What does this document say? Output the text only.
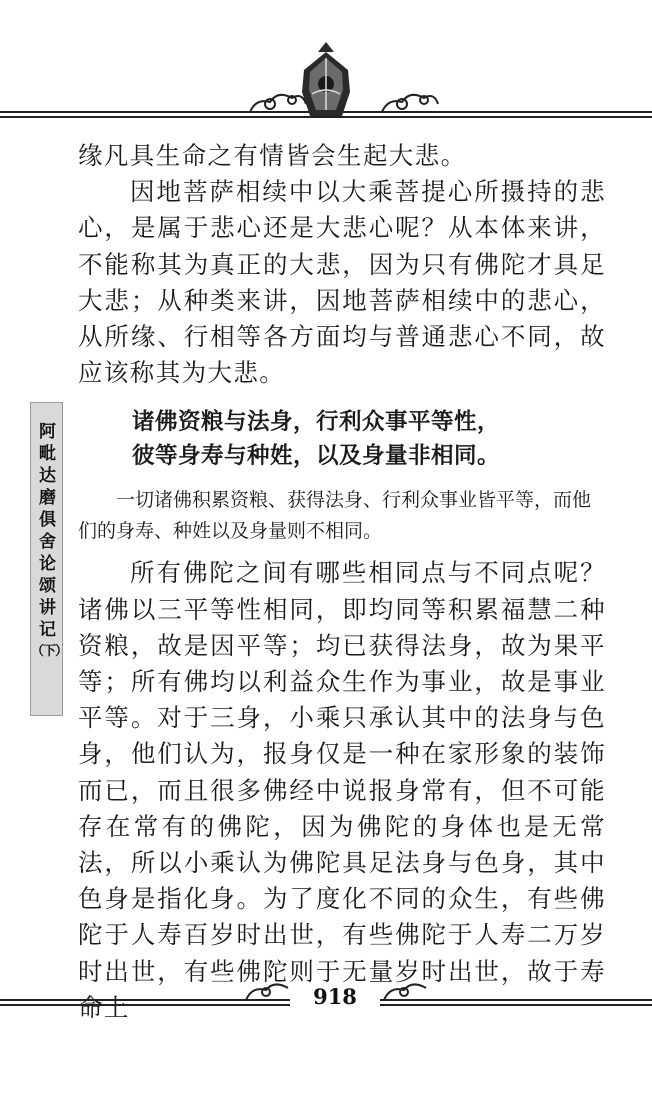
阿
毗
达
磨
俱
舍
论
颂
讲
记
（下）

缘凡具生命之有情皆会生起大悲。

因地菩萨相续中以大乘菩提心所摄持的悲心，是属于悲心还是大悲心呢？从本体来讲，不能称其为真正的大悲，因为只有佛陀才具足大悲；从种类来讲，因地菩萨相续中的悲心，从所缘、行相等各方面均与普通悲心不同，故应该称其为大悲。

诸佛资粮与法身，行利众事平等性，

彼等身寿与种姓，以及身量非相同。

一切诸佛积累资粮、获得法身、行利众事业皆平等，而他们的身寿、种姓以及身量则不相同。

所有佛陀之间有哪些相同点与不同点呢？诸佛以三平等性相同，即均同等积累福慧二种资粮，故是因平等；均已获得法身，故为果平等；所有佛均以利益众生作为事业，故是事业平等。对于三身，小乘只承认其中的法身与色身，他们认为，报身仅是一种在家形象的装饰而已，而且很多佛经中说报身常有，但不可能存在常有的佛陀，因为佛陀的身体也是无常法，所以小乘认为佛陀具足法身与色身，其中色身是指化身。为了度化不同的众生，有些佛陀于人寿百岁时出世，有些佛陀于人寿二万岁时出世，有些佛陀则于无量岁时出世，故于寿命上	918
